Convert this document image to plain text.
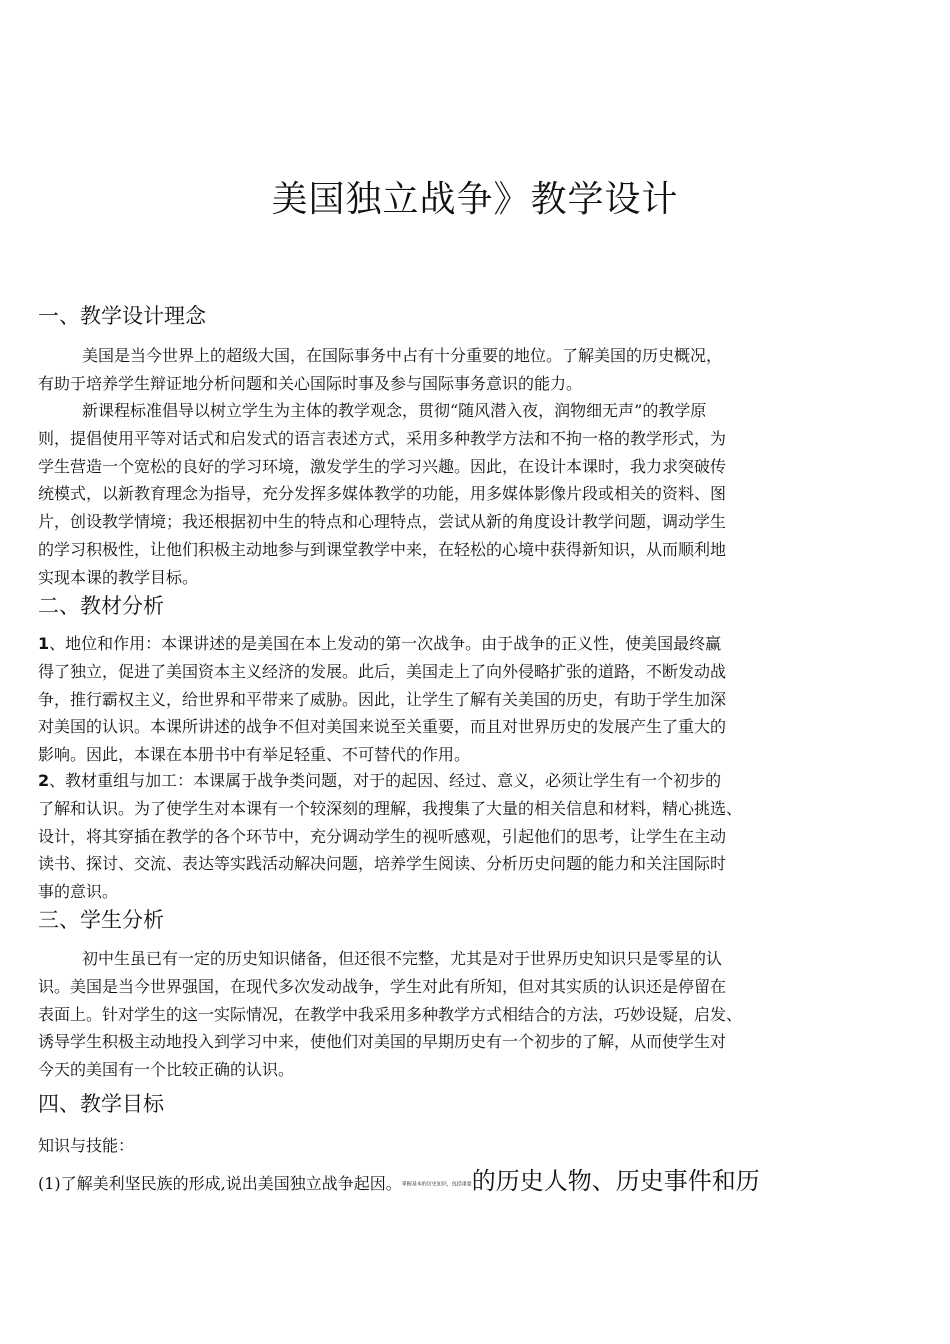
美国独立战争》教学设计
一、教学设计理念
美国是当今世界上的超级大国，在国际事务中占有十分重要的地位。了解美国的历史概况，
有助于培养学生辩证地分析问题和关心国际时事及参与国际事务意识的能力。
新课程标准倡导以树立学生为主体的教学观念，贯彻“随风潜入夜，润物细无声”的教学原
则，提倡使用平等对话式和启发式的语言表述方式，采用多种教学方法和不拘一格的教学形式，为
学生营造一个宽松的良好的学习环境，激发学生的学习兴趣。因此，在设计本课时，我力求突破传
统模式，以新教育理念为指导，充分发挥多媒体教学的功能，用多媒体影像片段或相关的资料、图
片，创设教学情境；我还根据初中生的特点和心理特点，尝试从新的角度设计教学问题，调动学生
的学习积极性，让他们积极主动地参与到课堂教学中来，在轻松的心境中获得新知识，从而顺利地
实现本课的教学目标。
二、教材分析
1、地位和作用：本课讲述的是美国在本上发动的第一次战争。由于战争的正义性，使美国最终赢
得了独立，促进了美国资本主义经济的发展。此后，美国走上了向外侵略扩张的道路，不断发动战
争，推行霸权主义，给世界和平带来了威胁。因此，让学生了解有关美国的历史，有助于学生加深
对美国的认识。本课所讲述的战争不但对美国来说至关重要，而且对世界历史的发展产生了重大的
影响。因此，本课在本册书中有举足轻重、不可替代的作用。
2、教材重组与加工：本课属于战争类问题，对于的起因、经过、意义，必须让学生有一个初步的
了解和认识。为了使学生对本课有一个较深刻的理解，我搜集了大量的相关信息和材料，精心挑选、
设计，将其穿插在教学的各个环节中，充分调动学生的视听感观，引起他们的思考，让学生在主动
读书、探讨、交流、表达等实践活动解决问题，培养学生阅读、分析历史问题的能力和关注国际时
事的意识。
三、学生分析
初中生虽已有一定的历史知识储备，但还很不完整，尤其是对于世界历史知识只是零星的认
识。美国是当今世界强国，在现代多次发动战争，学生对此有所知，但对其实质的认识还是停留在
表面上。针对学生的这一实际情况，在教学中我采用多种教学方式相结合的方法，巧妙设疑，启发、
诱导学生积极主动地投入到学习中来，使他们对美国的早期历史有一个初步的了解，从而使学生对
今天的美国有一个比较正确的认识。
四、教学目标
知识与技能：
(1)了解美利坚民族的形成,说出美国独立战争起因。掌握基本的历史知识，包括重要的历史人物、历史事件和历
